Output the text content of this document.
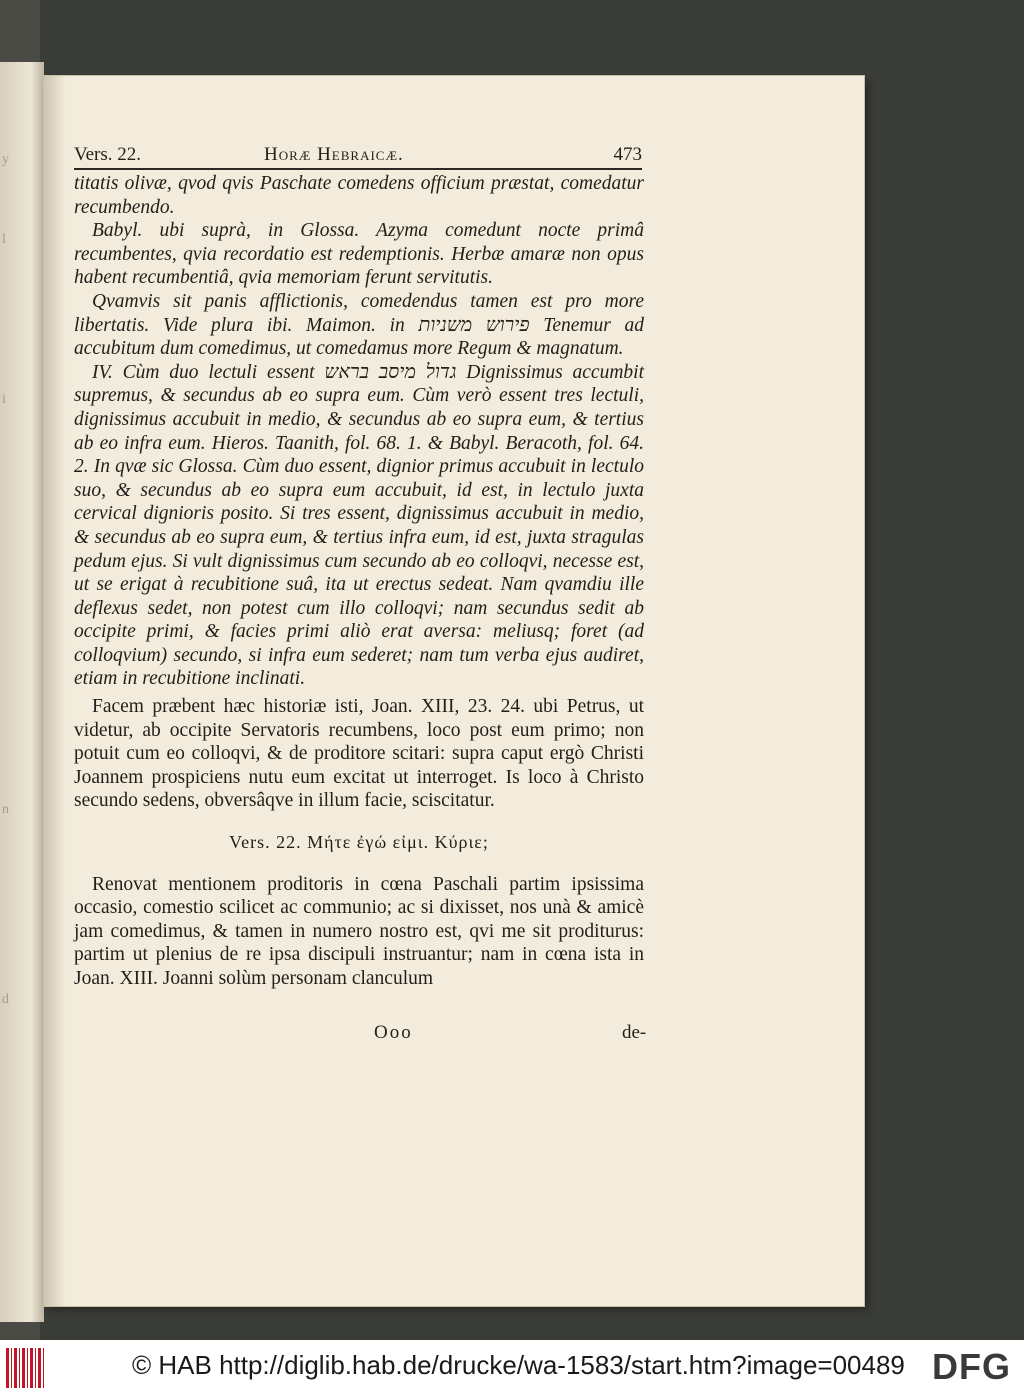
y
l
i
n
d
Vers. 22.	Horæ Hebraicæ.	473

titatis olivæ, qvod qvis Paschate comedens officium præstat, comedatur recumbendo.

Babyl. ubi suprà, in Glossa. Azyma comedunt nocte primâ recumbentes, qvia recordatio est redemptionis. Herbæ amaræ non opus habent recumbentiâ, qvia memoriam ferunt servitutis.

Qvamvis sit panis afflictionis, comedendus tamen est pro more libertatis. Vide plura ibi. Maimon. in פירוש משניות Tenemur ad accubitum dum comedimus, ut comedamus more Regum & magnatum.

IV. Cùm duo lectuli essent גדול מיסב בראש Dignissimus accumbit supremus, & secundus ab eo supra eum. Cùm verò essent tres lectuli, dignissimus accubuit in medio, & secundus ab eo supra eum, & tertius ab eo infra eum. Hieros. Taanith, fol. 68. 1. & Babyl. Beracoth, fol. 64. 2. In qvæ sic Glossa. Cùm duo essent, dignior primus accubuit in lectulo suo, & secundus ab eo supra eum accubuit, id est, in lectulo juxta cervical dignioris posito. Si tres essent, dignissimus accubuit in medio, & secundus ab eo supra eum, & tertius infra eum, id est, juxta stragulas pedum ejus. Si vult dignissimus cum secundo ab eo colloqvi, necesse est, ut se erigat à recubitione suâ, ita ut erectus sedeat. Nam qvamdiu ille deflexus sedet, non potest cum illo colloqvi; nam secundus sedit ab occipite primi, & facies primi aliò erat aversa: meliusq; foret (ad colloqvium) secundo, si infra eum sederet; nam tum verba ejus audiret, etiam in recubitione inclinati.

Facem præbent hæc historiæ isti, Joan. XIII, 23. 24. ubi Petrus, ut videtur, ab occipite Servatoris recumbens, loco post eum primo; non potuit cum eo colloqvi, & de proditore scitari: supra caput ergò Christi Joannem prospiciens nutu eum excitat ut interroget. Is loco à Christo secundo sedens, obversâqve in illum facie, sciscitatur.

Vers. 22. Μήτε ἐγώ εἰμι. Κύριε;

Renovat mentionem proditoris in cœna Paschali partim ipsissima occasio, comestio scilicet ac communio; ac si dixisset, nos unà & amicè jam comedimus, & tamen in numero nostro est, qvi me sit proditurus: partim ut plenius de re ipsa discipuli instruantur; nam in cœna ista in Joan. XIII. Joanni solùm personam clanculum

Ooo	de-
© HAB http://diglib.hab.de/drucke/wa-1583/start.htm?image=00489 DFG
